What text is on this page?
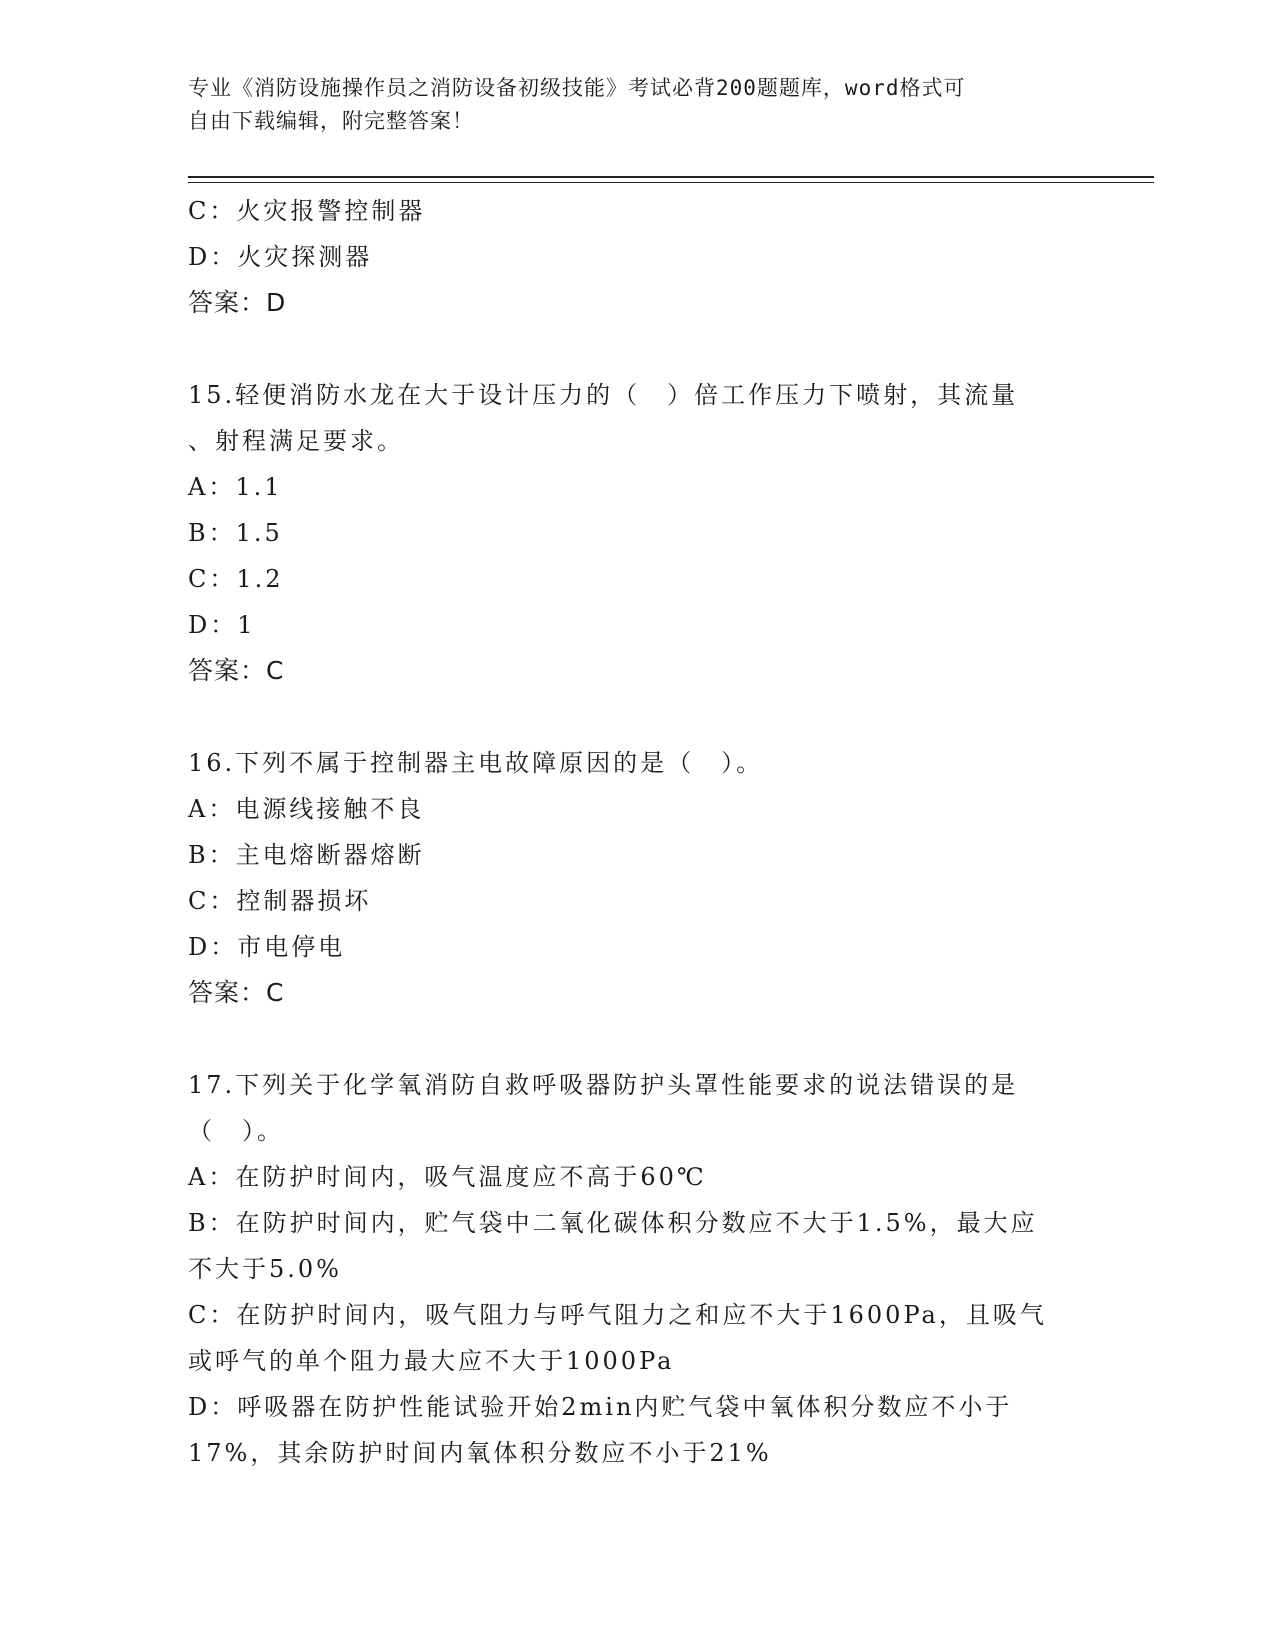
专业《消防设施操作员之消防设备初级技能》考试必背200题题库，word格式可
自由下载编辑，附完整答案！
C：火灾报警控制器
D：火灾探测器
答案：D
15.轻便消防水龙在大于设计压力的（　）倍工作压力下喷射，其流量
、射程满足要求。
A：1.1
B：1.5
C：1.2
D：1
答案：C
16.下列不属于控制器主电故障原因的是（　）。
A：电源线接触不良
B：主电熔断器熔断
C：控制器损坏
D：市电停电
答案：C
17.下列关于化学氧消防自救呼吸器防护头罩性能要求的说法错误的是
（　）。
A：在防护时间内，吸气温度应不高于60℃
B：在防护时间内，贮气袋中二氧化碳体积分数应不大于1.5%，最大应
不大于5.0%
C：在防护时间内，吸气阻力与呼气阻力之和应不大于1600Pa，且吸气
或呼气的单个阻力最大应不大于1000Pa
D：呼吸器在防护性能试验开始2min内贮气袋中氧体积分数应不小于
17%，其余防护时间内氧体积分数应不小于21%
